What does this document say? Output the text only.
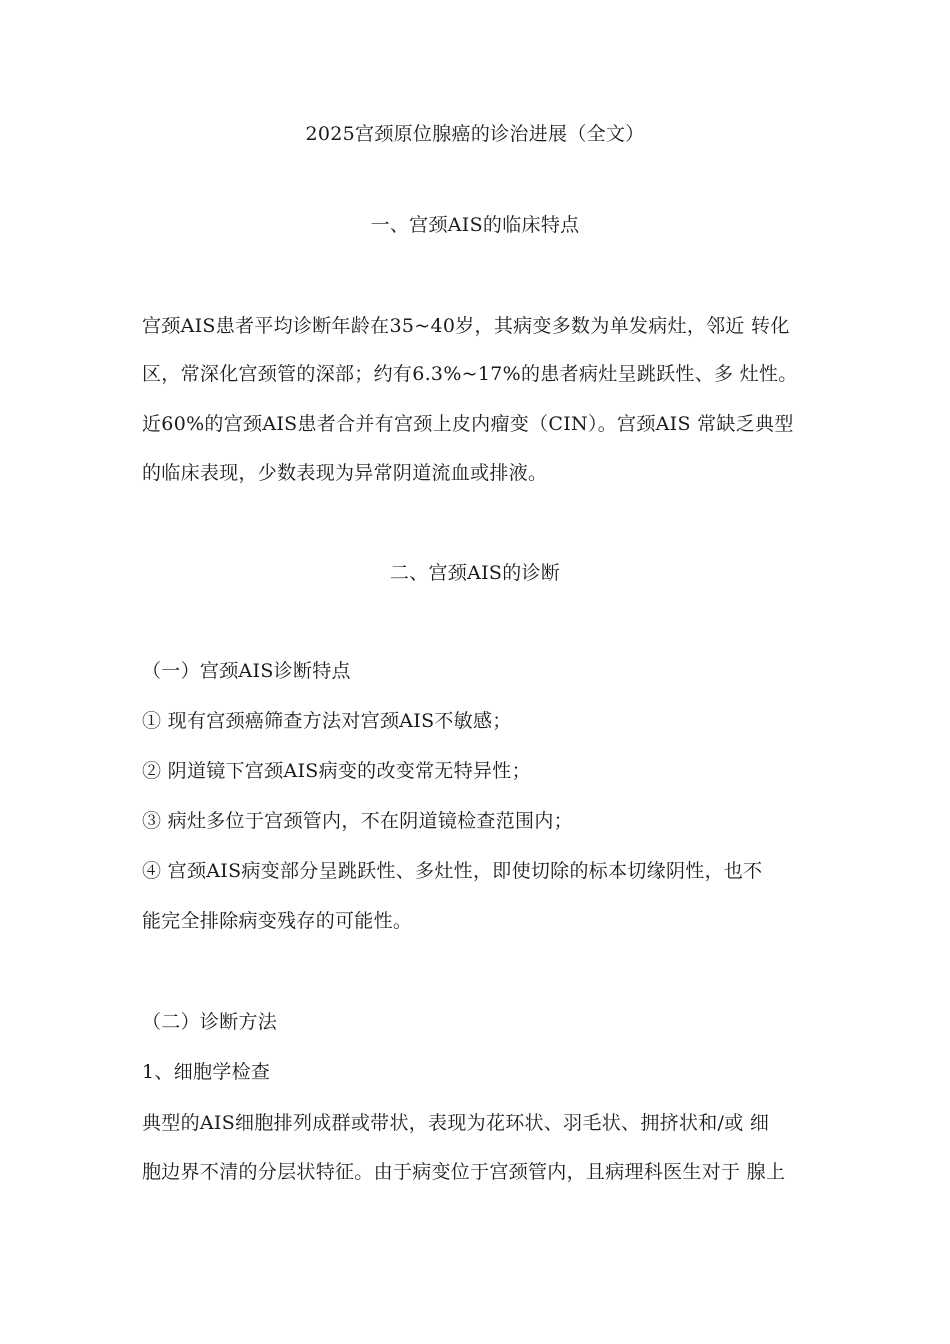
2025宫颈原位腺癌的诊治进展（全文）
一、宫颈AIS的临床特点
宫颈AIS患者平均诊断年龄在35~40岁，其病变多数为单发病灶，邻近 转化
区，常深化宫颈管的深部；约有6.3%~17%的患者病灶呈跳跃性、多 灶性。
近60%的宫颈AIS患者合并有宫颈上皮内瘤变（CIN）。宫颈AIS 常缺乏典型
的临床表现，少数表现为异常阴道流血或排液。
二、宫颈AIS的诊断
（一）宫颈AIS诊断特点
① 现有宫颈癌筛查方法对宫颈AIS不敏感；
② 阴道镜下宫颈AIS病变的改变常无特异性；
③ 病灶多位于宫颈管内，不在阴道镜检查范围内；
④ 宫颈AIS病变部分呈跳跃性、多灶性，即使切除的标本切缘阴性，也不
能完全排除病变残存的可能性。
（二）诊断方法
1、细胞学检查
典型的AIS细胞排列成群或带状，表现为花环状、羽毛状、拥挤状和/或 细
胞边界不清的分层状特征。由于病变位于宫颈管内，且病理科医生对于 腺上
